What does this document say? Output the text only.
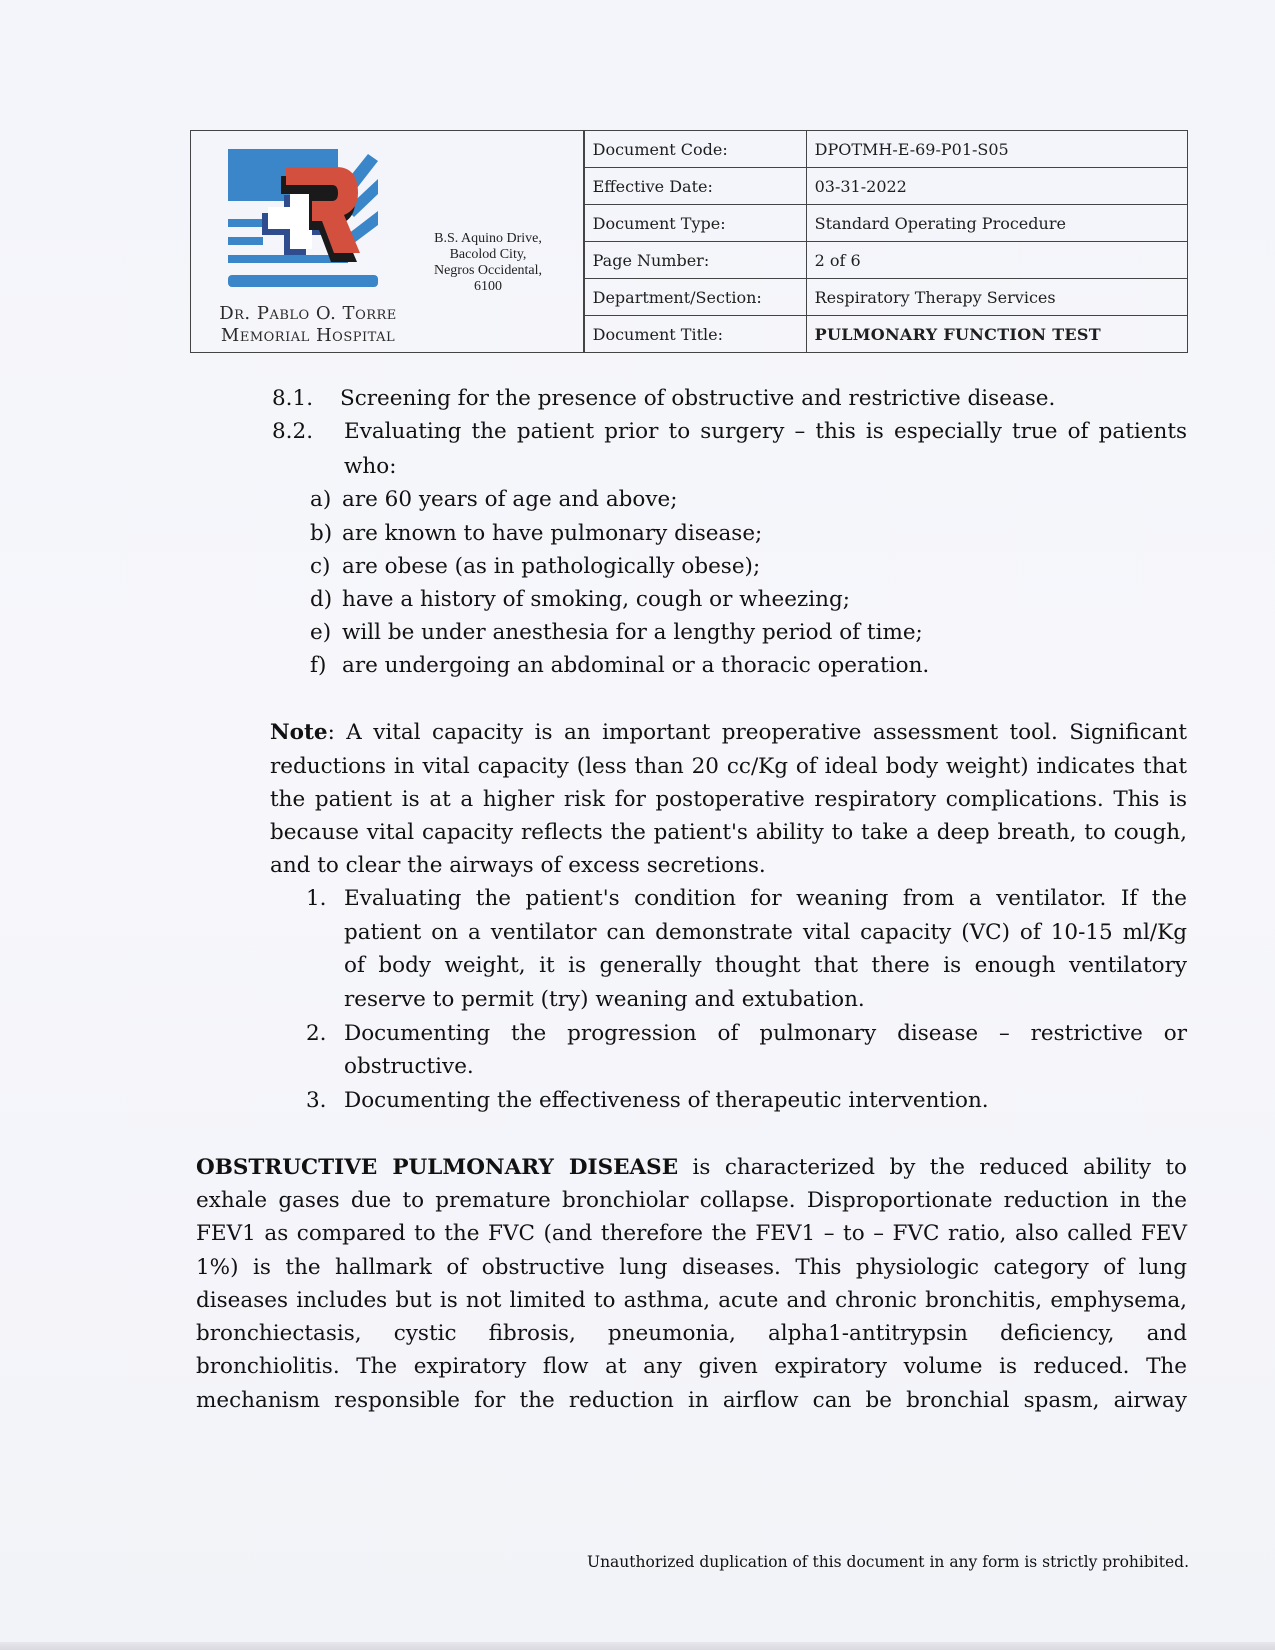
Dr. Pablo O. Torre
Memorial Hospital
B.S. Aquino Drive,
Bacolod City,
Negros Occidental,
6100
Document Code:	DPOTMH-E-69-P01-S05
Effective Date:	03-31-2022
Document Type:	Standard Operating Procedure
Page Number:	2 of 6
Department/Section:	Respiratory Therapy Services
Document Title:	PULMONARY FUNCTION TEST
8.1. Screening for the presence of obstructive and restrictive disease.
8.2. Evaluating the patient prior to surgery – this is especially true of patients
who:
a) are 60 years of age and above;
b) are known to have pulmonary disease;
c) are obese (as in pathologically obese);
d) have a history of smoking, cough or wheezing;
e) will be under anesthesia for a lengthy period of time;
f) are undergoing an abdominal or a thoracic operation.
Note: A vital capacity is an important preoperative assessment tool. Significant
reductions in vital capacity (less than 20 cc/Kg of ideal body weight) indicates that
the patient is at a higher risk for postoperative respiratory complications. This is
because vital capacity reflects the patient's ability to take a deep breath, to cough,
and to clear the airways of excess secretions.
1. Evaluating the patient's condition for weaning from a ventilator. If the
patient on a ventilator can demonstrate vital capacity (VC) of 10-15 ml/Kg
of body weight, it is generally thought that there is enough ventilatory
reserve to permit (try) weaning and extubation.
2. Documenting the progression of pulmonary disease – restrictive or
obstructive.
3. Documenting the effectiveness of therapeutic intervention.
OBSTRUCTIVE PULMONARY DISEASE is characterized by the reduced ability to
exhale gases due to premature bronchiolar collapse. Disproportionate reduction in the
FEV1 as compared to the FVC (and therefore the FEV1 – to – FVC ratio, also called FEV
1%) is the hallmark of obstructive lung diseases. This physiologic category of lung
diseases includes but is not limited to asthma, acute and chronic bronchitis, emphysema,
bronchiectasis, cystic fibrosis, pneumonia, alpha1-antitrypsin deficiency, and
bronchiolitis. The expiratory flow at any given expiratory volume is reduced. The
mechanism responsible for the reduction in airflow can be bronchial spasm, airway
Unauthorized duplication of this document in any form is strictly prohibited.
